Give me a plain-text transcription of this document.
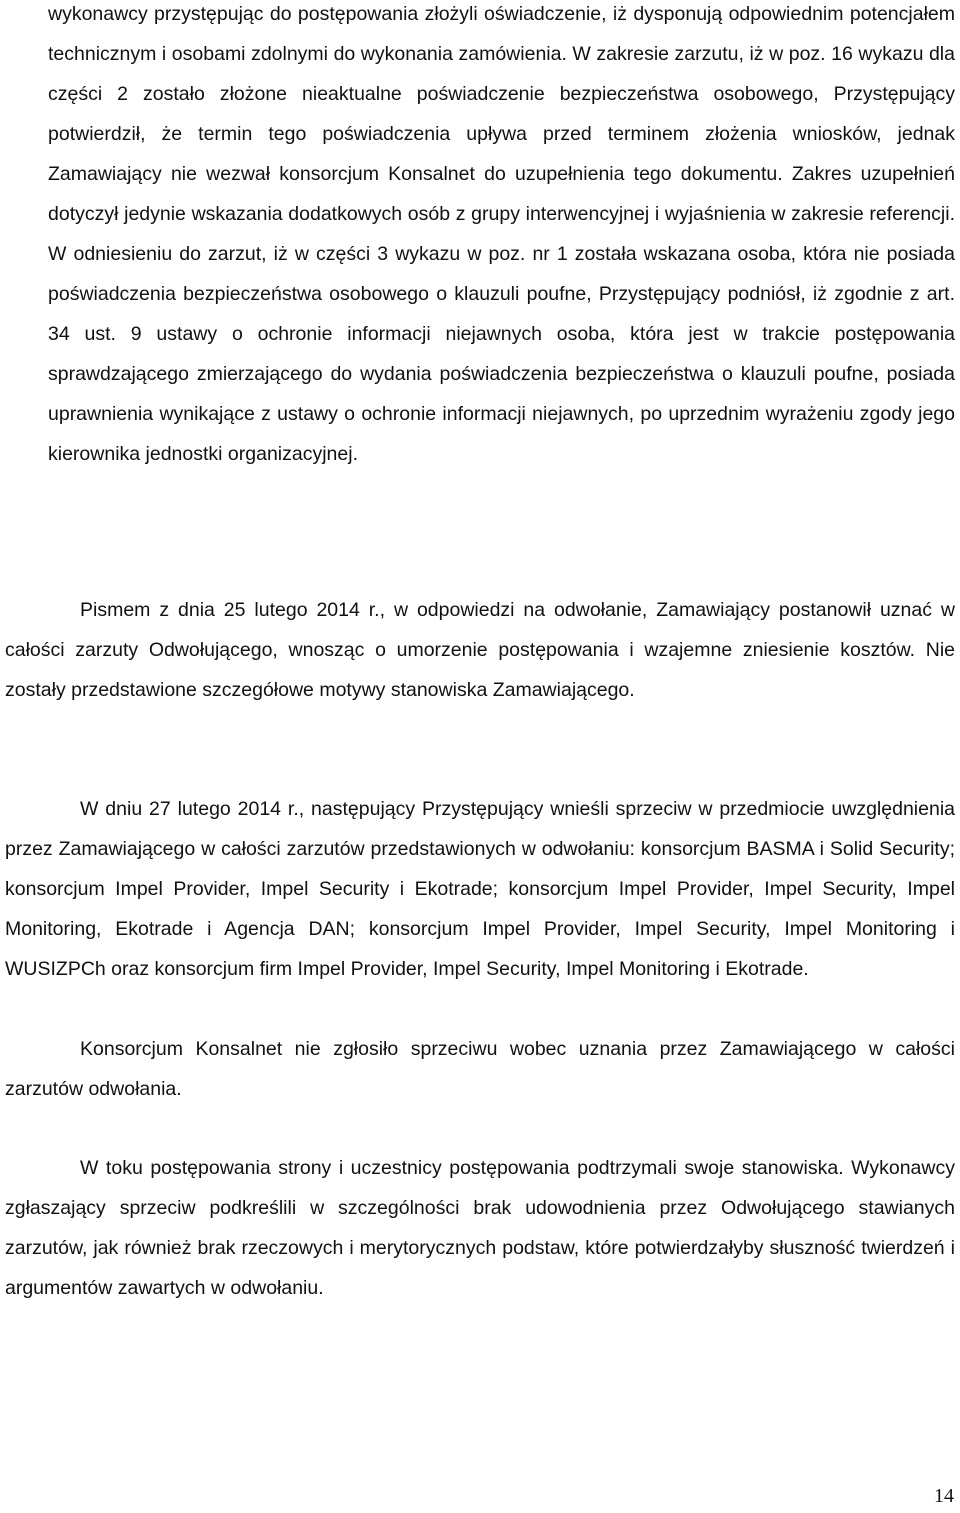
wykonawcy przystępując do postępowania złożyli oświadczenie, iż dysponują odpowiednim potencjałem technicznym i osobami zdolnymi do wykonania zamówienia. W zakresie zarzutu, iż w poz. 16 wykazu dla części 2 zostało złożone nieaktualne poświadczenie bezpieczeństwa osobowego, Przystępujący potwierdził, że termin tego poświadczenia upływa przed terminem złożenia wniosków, jednak Zamawiający nie wezwał konsorcjum Konsalnet do uzupełnienia tego dokumentu. Zakres uzupełnień dotyczył jedynie wskazania dodatkowych osób z grupy interwencyjnej i wyjaśnienia w zakresie referencji. W odniesieniu do zarzut, iż w części 3 wykazu w poz. nr 1 została wskazana osoba, która nie posiada poświadczenia bezpieczeństwa osobowego o klauzuli poufne, Przystępujący podniósł, iż zgodnie z art. 34 ust. 9 ustawy o ochronie informacji niejawnych osoba, która jest w trakcie postępowania sprawdzającego zmierzającego do wydania poświadczenia bezpieczeństwa o klauzuli poufne, posiada uprawnienia wynikające z ustawy o ochronie informacji niejawnych, po uprzednim wyrażeniu zgody jego kierownika jednostki organizacyjnej.

Pismem z dnia 25 lutego 2014 r., w odpowiedzi na odwołanie, Zamawiający postanowił uznać w całości zarzuty Odwołującego, wnosząc o umorzenie postępowania i wzajemne zniesienie kosztów. Nie zostały przedstawione szczegółowe motywy stanowiska Zamawiającego.

W dniu 27 lutego 2014 r., następujący Przystępujący wnieśli sprzeciw w przedmiocie uwzględnienia przez Zamawiającego w całości zarzutów przedstawionych w odwołaniu: konsorcjum BASMA i Solid Security; konsorcjum Impel Provider, Impel Security i Ekotrade; konsorcjum Impel Provider, Impel Security, Impel Monitoring, Ekotrade i Agencja DAN; konsorcjum Impel Provider, Impel Security, Impel Monitoring i WUSIZPCh oraz konsorcjum firm Impel Provider, Impel Security, Impel Monitoring i Ekotrade.

Konsorcjum Konsalnet nie zgłosiło sprzeciwu wobec uznania przez Zamawiającego w całości zarzutów odwołania.

W toku postępowania strony i uczestnicy postępowania podtrzymali swoje stanowiska. Wykonawcy zgłaszający sprzeciw podkreślili w szczególności brak udowodnienia przez Odwołującego stawianych zarzutów, jak również brak rzeczowych i merytorycznych podstaw, które potwierdzałyby słuszność twierdzeń i argumentów zawartych w odwołaniu.

14
